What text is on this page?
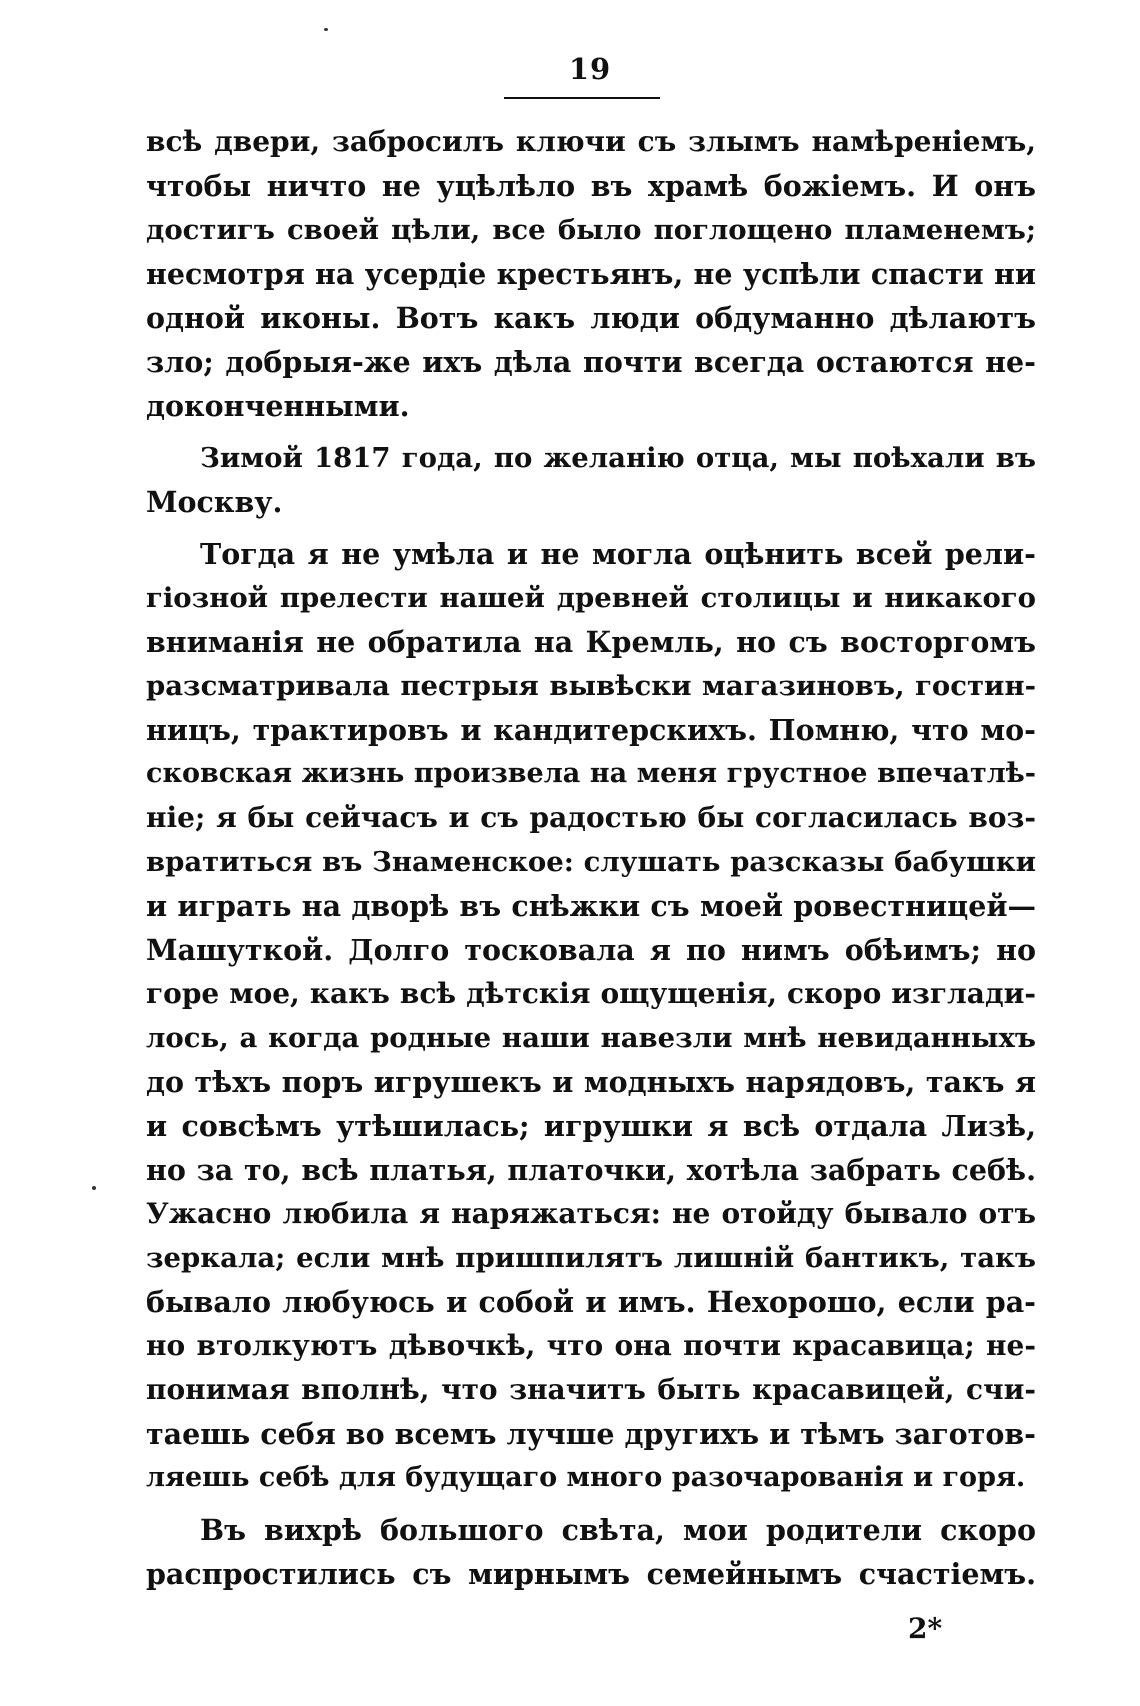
19
всѣ двери, забросилъ ключи съ злымъ намѣреніемъ,
чтобы ничто не уцѣлѣло въ храмѣ божіемъ. И онъ
достигъ своей цѣли, все было поглощено пламенемъ;
несмотря на усердіе крестьянъ, не успѣли спасти ни
одной иконы. Вотъ какъ люди обдуманно дѣлаютъ
зло; добрыя-же ихъ дѣла почти всегда остаются не-
доконченными.
Зимой 1817 года, по желанію отца, мы поѣхали въ
Москву.
Тогда я не умѣла и не могла оцѣнить всей рели-
гіозной прелести нашей древней столицы и никакого
вниманія не обратила на Кремль, но съ восторгомъ
разсматривала пестрыя вывѣски магазиновъ, гостин-
ницъ, трактировъ и кандитерскихъ. Помню, что мо-
сковская жизнь произвела на меня грустное впечатлѣ-
ніе; я бы сейчасъ и съ радостью бы согласилась воз-
вратиться въ Знаменское: слушать разсказы бабушки
и играть на дворѣ въ снѣжки съ моей ровестницей—
Машуткой. Долго тосковала я по нимъ обѣимъ; но
горе мое, какъ всѣ дѣтскія ощущенія, скоро изглади-
лось, а когда родные наши навезли мнѣ невиданныхъ
до тѣхъ поръ игрушекъ и модныхъ нарядовъ, такъ я
и совсѣмъ утѣшилась; игрушки я всѣ отдала Лизѣ,
но за то, всѣ платья, платочки, хотѣла забрать себѣ.
Ужасно любила я наряжаться: не отойду бывало отъ
зеркала; если мнѣ пришпилятъ лишній бантикъ, такъ
бывало любуюсь и собой и имъ. Нехорошо, если ра-
но втолкуютъ дѣвочкѣ, что она почти красавица; не-
понимая вполнѣ, что значитъ быть красавицей, счи-
таешь себя во всемъ лучше другихъ и тѣмъ заготов-
ляешь себѣ для будущаго много разочарованія и горя.
Въ вихрѣ большого свѣта, мои родители скоро
распростились съ мирнымъ семейнымъ счастіемъ.
2*
